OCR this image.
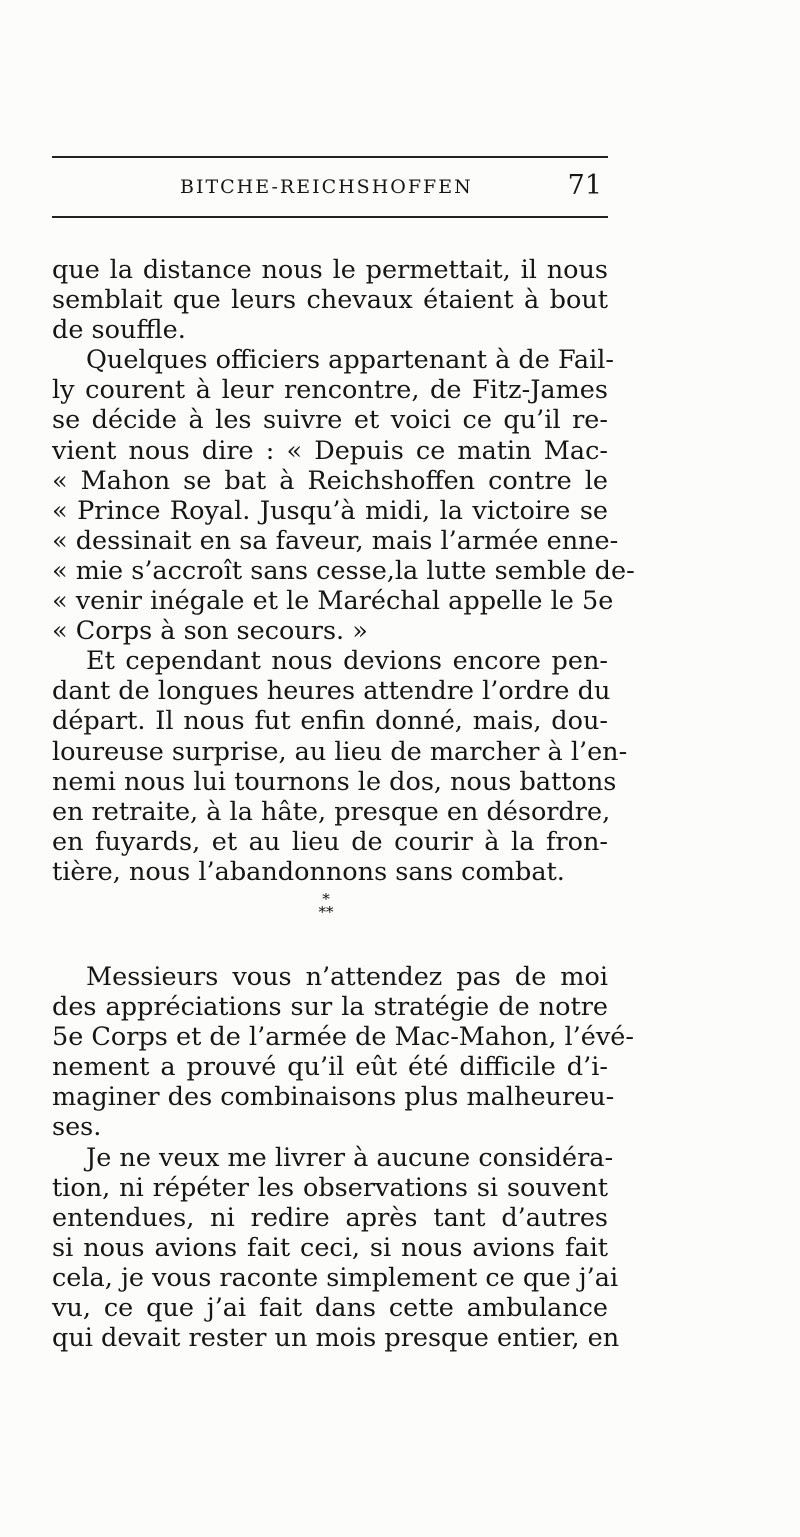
BITCHE-REICHSHOFFEN	71
que la distance nous le permettait, il nous
semblait que leurs chevaux étaient à bout
de souffle.
Quelques officiers appartenant à de Fail-
ly courent à leur rencontre, de Fitz-James
se décide à les suivre et voici ce qu’il re-
vient nous dire : « Depuis ce matin Mac-
« Mahon se bat à Reichshoffen contre le
« Prince Royal. Jusqu’à midi, la victoire se
« dessinait en sa faveur, mais l’armée enne-
« mie s’accroît sans cesse,la lutte semble de-
« venir inégale et le Maréchal appelle le 5e
« Corps à son secours. »
Et cependant nous devions encore pen-
dant de longues heures attendre l’ordre du
départ. Il nous fut enfin donné, mais, dou-
loureuse surprise, au lieu de marcher à l’en-
nemi nous lui tournons le dos, nous battons
en retraite, à la hâte, presque en désordre,
en fuyards, et au lieu de courir à la fron-
tière, nous l’abandonnons sans combat.
*
**
Messieurs vous n’attendez pas de moi
des appréciations sur la stratégie de notre
5e Corps et de l’armée de Mac-Mahon, l’évé-
nement a prouvé qu’il eût été difficile d’i-
maginer des combinaisons plus malheureu-
ses.
Je ne veux me livrer à aucune considéra-
tion, ni répéter les observations si souvent
entendues, ni redire après tant d’autres
si nous avions fait ceci, si nous avions fait
cela, je vous raconte simplement ce que j’ai
vu, ce que j’ai fait dans cette ambulance
qui devait rester un mois presque entier, en
